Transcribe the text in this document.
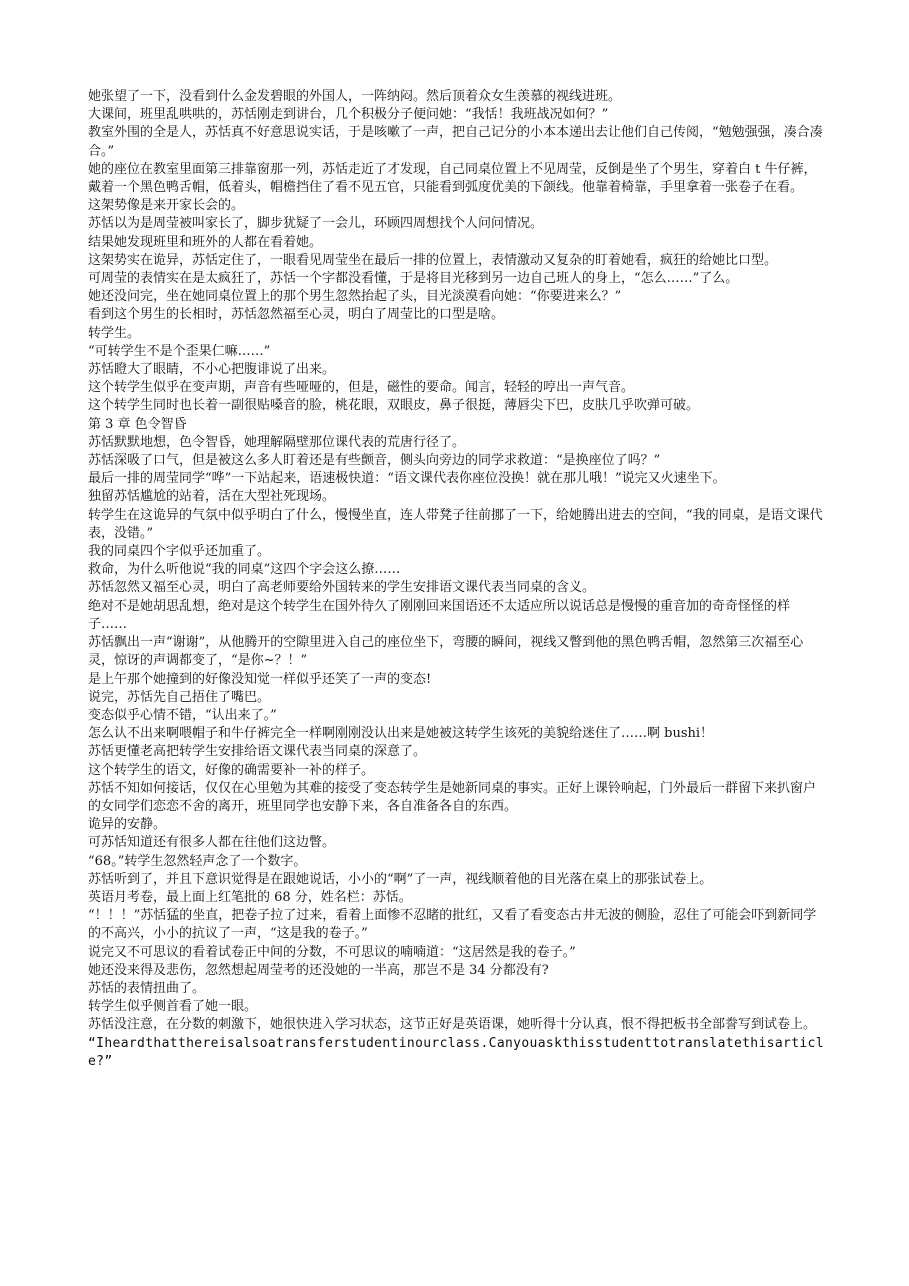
她张望了一下，没看到什么金发碧眼的外国人，一阵纳闷。然后顶着众女生羡慕的视线进班。

大课间，班里乱哄哄的，苏恬刚走到讲台，几个积极分子便问她：“我恬！我班战况如何？”

教室外围的全是人，苏恬真不好意思说实话，于是咳嗽了一声，把自己记分的小本本递出去让他们自己传阅，“勉勉强强，凑合凑合。”

她的座位在教室里面第三排靠窗那一列，苏恬走近了才发现，自己同桌位置上不见周莹，反倒是坐了个男生，穿着白 t 牛仔裤，戴着一个黑色鸭舌帽，低着头，帽檐挡住了看不见五官，只能看到弧度优美的下颌线。他靠着椅靠，手里拿着一张卷子在看。

这架势像是来开家长会的。

苏恬以为是周莹被叫家长了，脚步犹疑了一会儿，环顾四周想找个人问问情况。

结果她发现班里和班外的人都在看着她。

这架势实在诡异，苏恬定住了，一眼看见周莹坐在最后一排的位置上，表情激动又复杂的盯着她看，疯狂的给她比口型。

可周莹的表情实在是太疯狂了，苏恬一个字都没看懂，于是将目光移到另一边自己班人的身上，“怎么……”了么。

她还没问完，坐在她同桌位置上的那个男生忽然抬起了头，目光淡漠看向她：“你要进来么？”

看到这个男生的长相时，苏恬忽然福至心灵，明白了周莹比的口型是啥。

转学生。

“可转学生不是个歪果仁嘛……”

苏恬瞪大了眼睛，不小心把腹诽说了出来。

这个转学生似乎在变声期，声音有些哑哑的，但是，磁性的要命。闻言，轻轻的哼出一声气音。

这个转学生同时也长着一副很贴嗓音的脸，桃花眼，双眼皮，鼻子很挺，薄唇尖下巴，皮肤几乎吹弹可破。

第 3 章 色令智昏

苏恬默默地想，色令智昏，她理解隔壁那位课代表的荒唐行径了。

苏恬深吸了口气，但是被这么多人盯着还是有些颤音，侧头向旁边的同学求救道：“是换座位了吗？”

最后一排的周莹同学“哗”一下站起来，语速极快道：“语文课代表你座位没换！就在那儿哦！”说完又火速坐下。

独留苏恬尴尬的站着，活在大型社死现场。

转学生在这诡异的气氛中似乎明白了什么，慢慢坐直，连人带凳子往前挪了一下，给她腾出进去的空间，“我的同桌，是语文课代表，没错。”

我的同桌四个字似乎还加重了。

救命，为什么听他说“我的同桌”这四个字会这么撩……

苏恬忽然又福至心灵，明白了高老师要给外国转来的学生安排语文课代表当同桌的含义。

绝对不是她胡思乱想，绝对是这个转学生在国外待久了刚刚回来国语还不太适应所以说话总是慢慢的重音加的奇奇怪怪的样子……

苏恬飘出一声“谢谢”，从他腾开的空隙里进入自己的座位坐下，弯腰的瞬间，视线又瞥到他的黑色鸭舌帽，忽然第三次福至心灵，惊讶的声调都变了，“是你~？！”

是上午那个她撞到的好像没知觉一样似乎还笑了一声的变态!

说完，苏恬先自己捂住了嘴巴。

变态似乎心情不错，“认出来了。”

怎么认不出来啊喂帽子和牛仔裤完全一样啊刚刚没认出来是她被这转学生该死的美貌给迷住了……啊 bushi！

苏恬更懂老高把转学生安排给语文课代表当同桌的深意了。

这个转学生的语文，好像的确需要补一补的样子。

苏恬不知如何接话，仅仅在心里勉为其难的接受了变态转学生是她新同桌的事实。正好上课铃响起，门外最后一群留下来扒窗户的女同学们恋恋不舍的离开，班里同学也安静下来，各自准备各自的东西。

诡异的安静。

可苏恬知道还有很多人都在往他们这边瞥。

“68。”转学生忽然轻声念了一个数字。

苏恬听到了，并且下意识觉得是在跟她说话，小小的“啊”了一声，视线顺着他的目光落在桌上的那张试卷上。

英语月考卷，最上面上红笔批的 68 分，姓名栏：苏恬。

“！！！”苏恬猛的坐直，把卷子拉了过来，看着上面惨不忍睹的批红，又看了看变态古井无波的侧脸，忍住了可能会吓到新同学的不高兴，小小的抗议了一声，“这是我的卷子。”

说完又不可思议的看着试卷正中间的分数，不可思议的喃喃道：“这居然是我的卷子。”

她还没来得及悲伤，忽然想起周莹考的还没她的一半高，那岂不是 34 分都没有?

苏恬的表情扭曲了。

转学生似乎侧首看了她一眼。

苏恬没注意，在分数的刺激下，她很快进入学习状态，这节正好是英语课，她听得十分认真，恨不得把板书全部誊写到试卷上。

“Iheardthatthereisalsoatransferstudentinourclass.Canyouaskthisstudenttotranslatethisarticle?”
